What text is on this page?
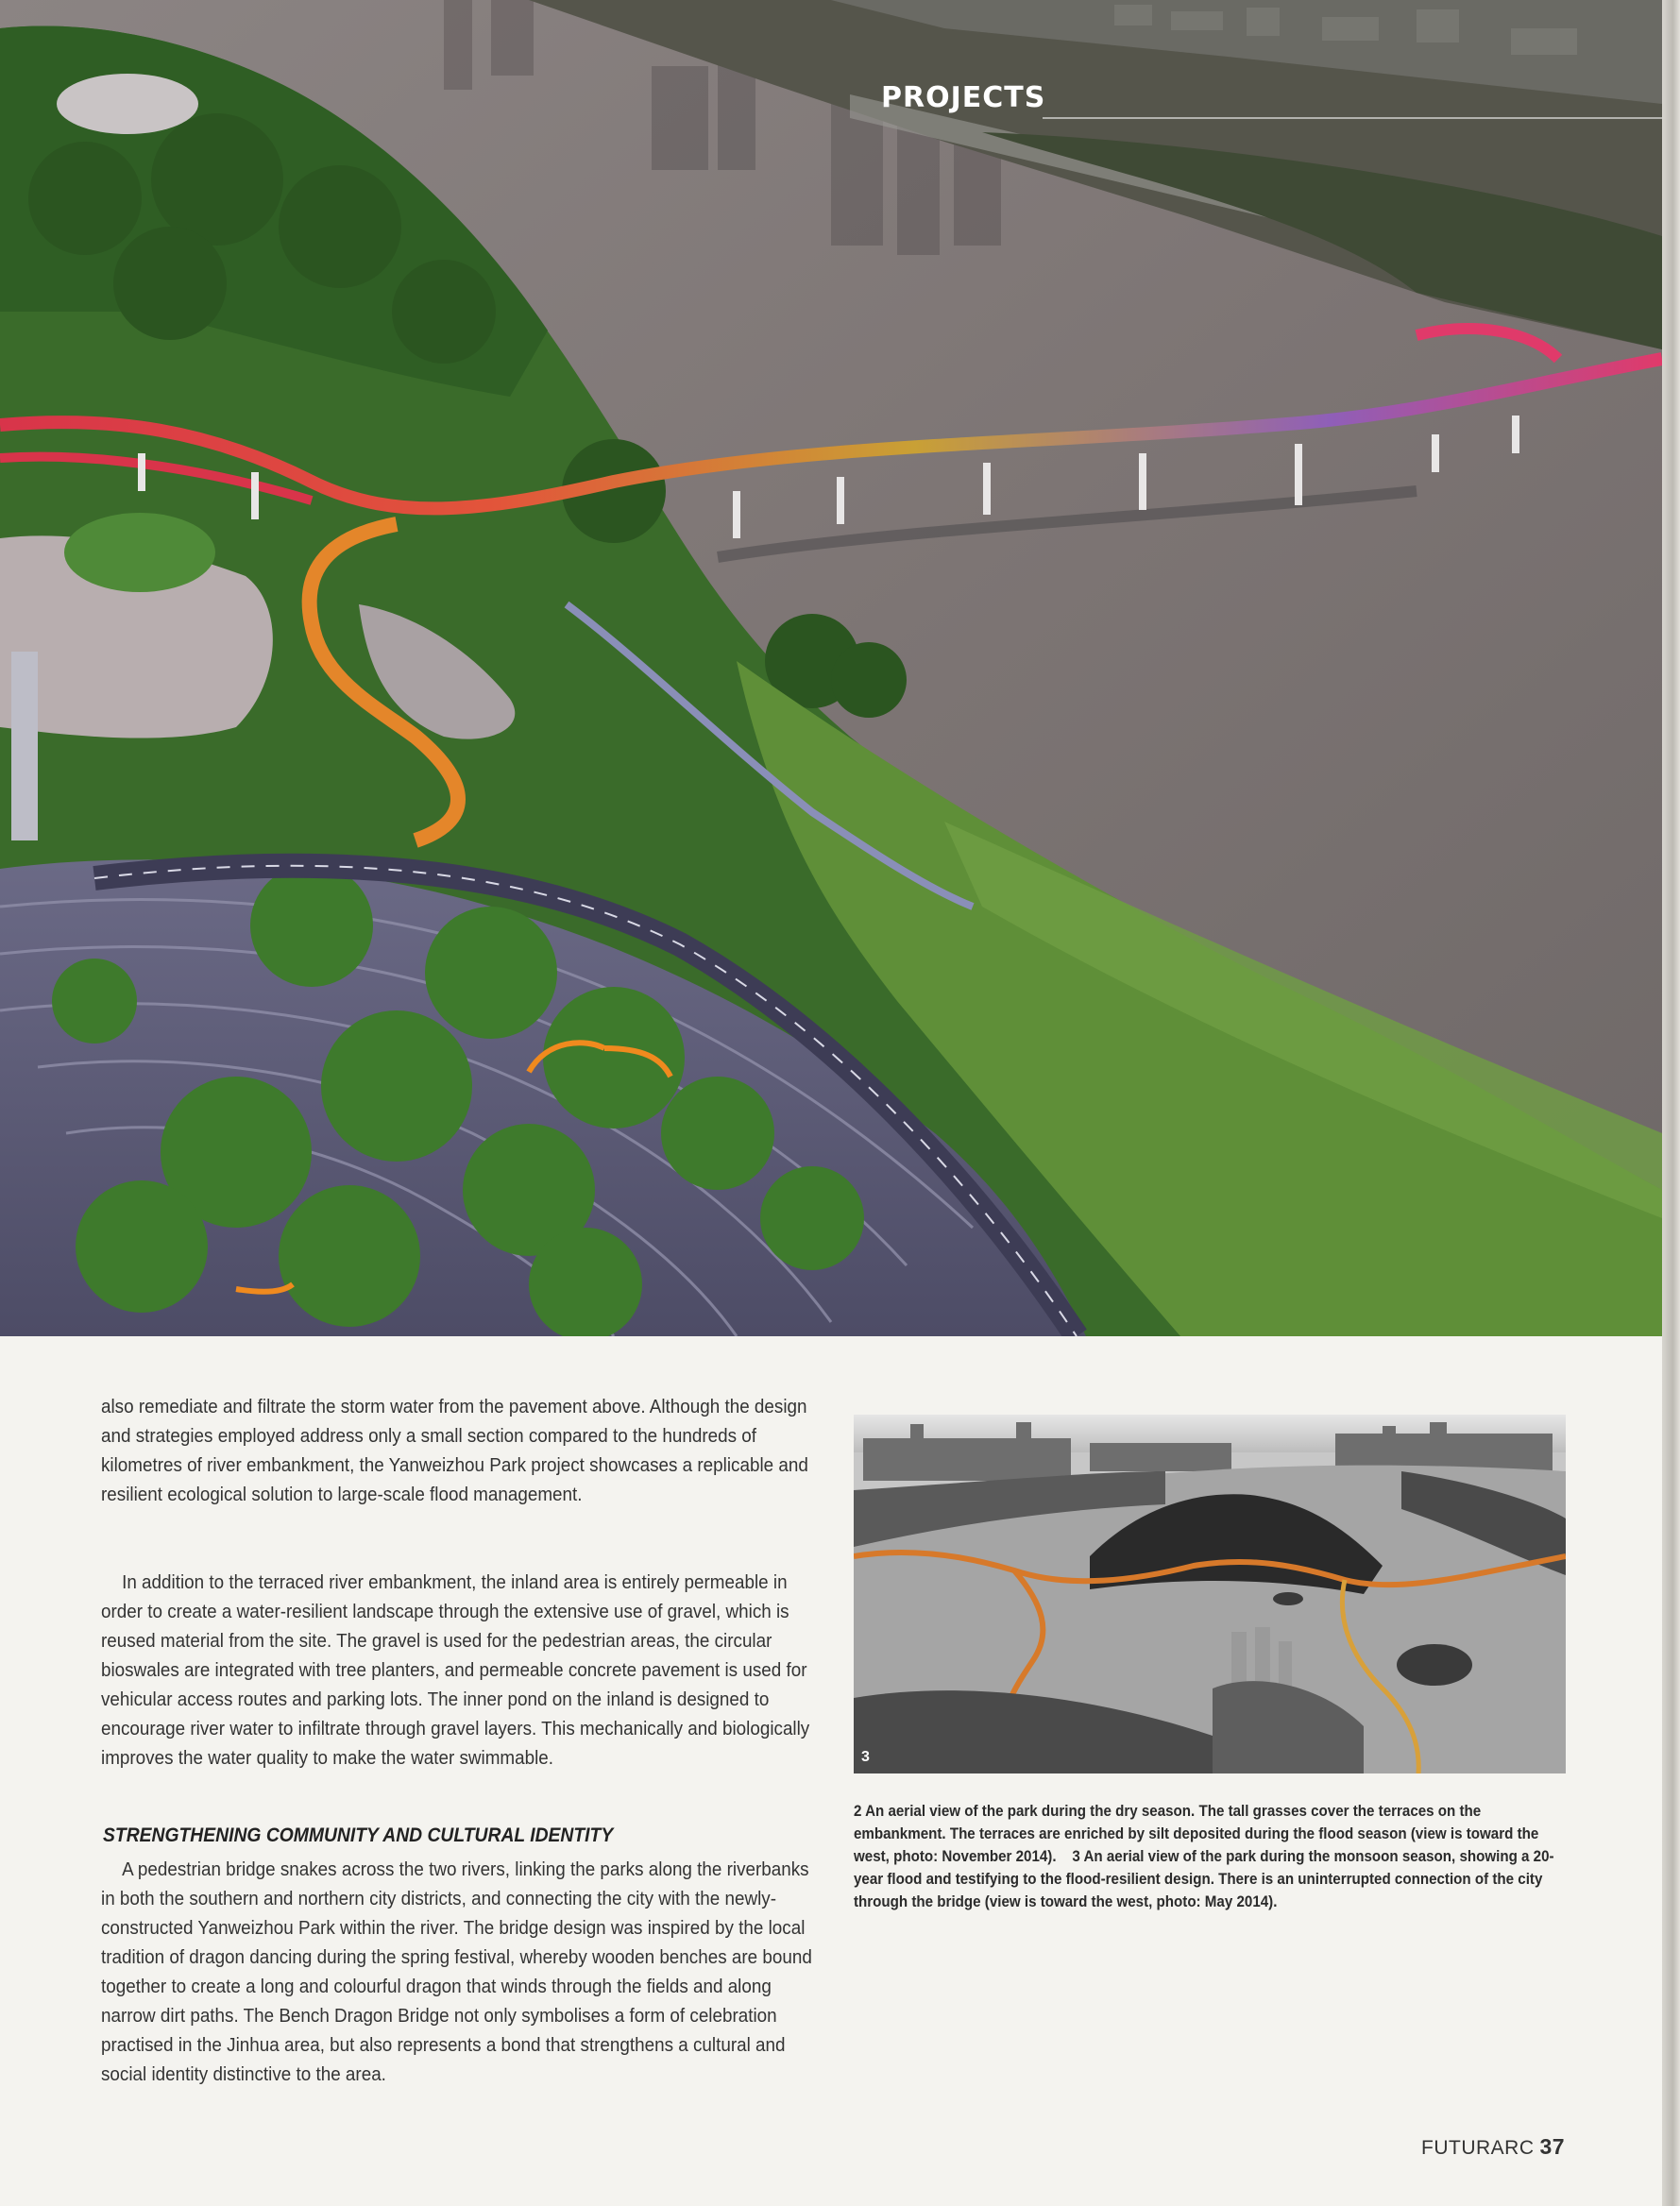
PROJECTS
also remediate and filtrate the storm water from the pavement above. Although the design and strategies employed address only a small section compared to the hundreds of kilometres of river embankment, the Yanweizhou Park project showcases a replicable and resilient ecological solution to large-scale flood management.
In addition to the terraced river embankment, the inland area is entirely permeable in order to create a water-resilient landscape through the extensive use of gravel, which is reused material from the site. The gravel is used for the pedestrian areas, the circular bioswales are integrated with tree planters, and permeable concrete pavement is used for vehicular access routes and parking lots. The inner pond on the inland is designed to encourage river water to infiltrate through gravel layers. This mechanically and biologically improves the water quality to make the water swimmable.
STRENGTHENING COMMUNITY AND CULTURAL IDENTITY
A pedestrian bridge snakes across the two rivers, linking the parks along the riverbanks in both the southern and northern city districts, and connecting the city with the newly-constructed Yanweizhou Park within the river. The bridge design was inspired by the local tradition of dragon dancing during the spring festival, whereby wooden benches are bound together to create a long and colourful dragon that winds through the fields and along narrow dirt paths. The Bench Dragon Bridge not only symbolises a form of celebration practised in the Jinhua area, but also represents a bond that strengthens a cultural and social identity distinctive to the area.
3
2 An aerial view of the park during the dry season. The tall grasses cover the terraces on the embankment. The terraces are enriched by silt deposited during the flood season (view is toward the west, photo: November 2014). 3 An aerial view of the park during the monsoon season, showing a 20-year flood and testifying to the flood-resilient design. There is an uninterrupted connection of the city through the bridge (view is toward the west, photo: May 2014).
FUTURARC 37
